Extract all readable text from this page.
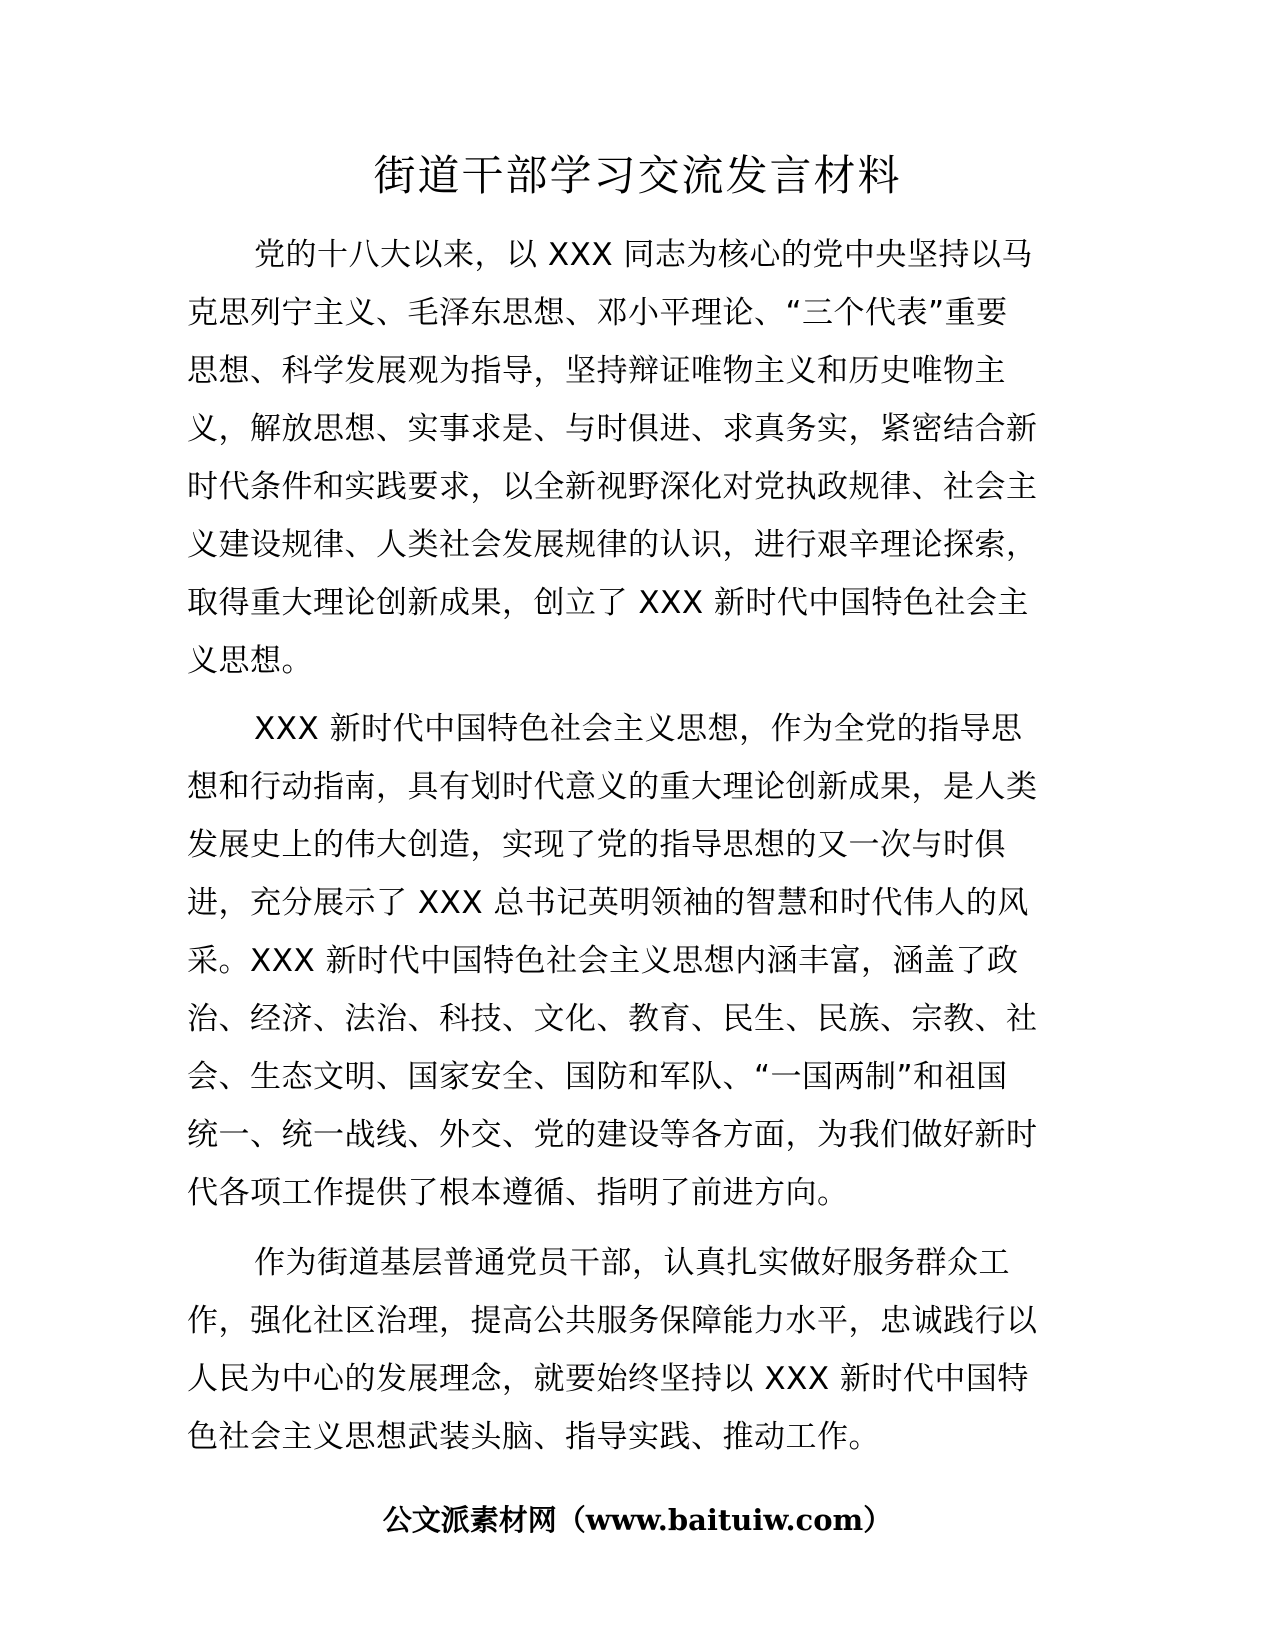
街道干部学习交流发言材料
党的十八大以来，以 XXX 同志为核心的党中央坚持以马
克思列宁主义、毛泽东思想、邓小平理论、“三个代表”重要
思想、科学发展观为指导，坚持辩证唯物主义和历史唯物主
义，解放思想、实事求是、与时俱进、求真务实，紧密结合新
时代条件和实践要求，以全新视野深化对党执政规律、社会主
义建设规律、人类社会发展规律的认识，进行艰辛理论探索，
取得重大理论创新成果，创立了 XXX 新时代中国特色社会主
义思想。
XXX 新时代中国特色社会主义思想，作为全党的指导思
想和行动指南，具有划时代意义的重大理论创新成果，是人类
发展史上的伟大创造，实现了党的指导思想的又一次与时俱
进，充分展示了 XXX 总书记英明领袖的智慧和时代伟人的风
采。XXX 新时代中国特色社会主义思想内涵丰富，涵盖了政
治、经济、法治、科技、文化、教育、民生、民族、宗教、社
会、生态文明、国家安全、国防和军队、“一国两制”和祖国
统一、统一战线、外交、党的建设等各方面，为我们做好新时
代各项工作提供了根本遵循、指明了前进方向。
作为街道基层普通党员干部，认真扎实做好服务群众工
作，强化社区治理，提高公共服务保障能力水平，忠诚践行以
人民为中心的发展理念，就要始终坚持以 XXX 新时代中国特
色社会主义思想武装头脑、指导实践、推动工作。
公文派素材网（www.baituiw.com）
